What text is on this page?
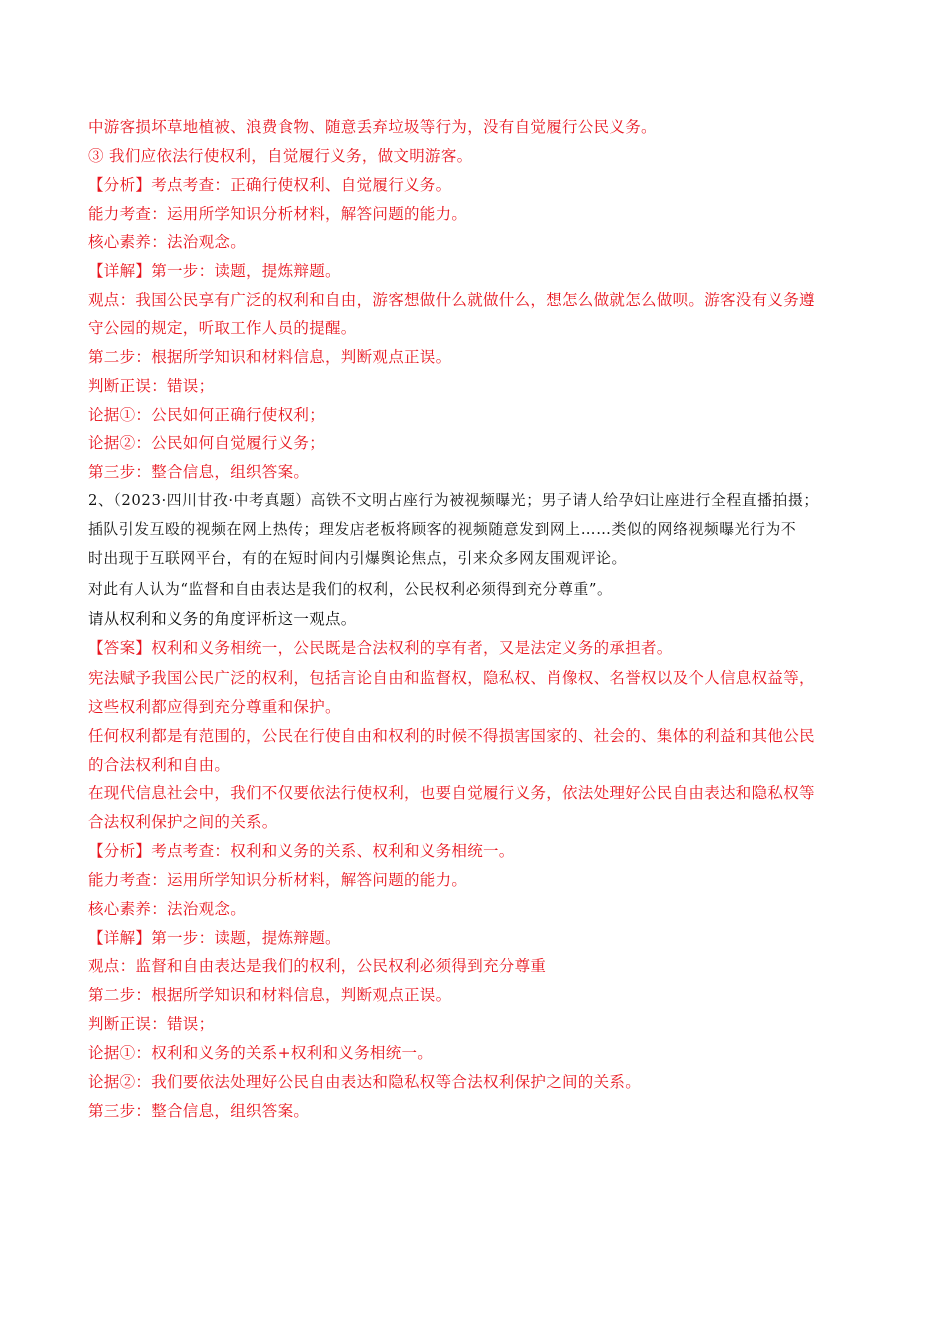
中游客损坏草地植被、浪费食物、随意丢弃垃圾等行为，没有自觉履行公民义务。
③ 我们应依法行使权利，自觉履行义务，做文明游客。
【分析】考点考查：正确行使权利、自觉履行义务。
能力考查：运用所学知识分析材料，解答问题的能力。
核心素养：法治观念。
【详解】第一步：读题，提炼辩题。
观点：我国公民享有广泛的权利和自由，游客想做什么就做什么，想怎么做就怎么做呗。游客没有义务遵
守公园的规定，听取工作人员的提醒。
第二步：根据所学知识和材料信息，判断观点正误。
判断正误：错误；
论据①：公民如何正确行使权利；
论据②：公民如何自觉履行义务；
第三步：整合信息，组织答案。
2、（2023·四川甘孜·中考真题）高铁不文明占座行为被视频曝光；男子请人给孕妇让座进行全程直播拍摄；
插队引发互殴的视频在网上热传；理发店老板将顾客的视频随意发到网上……类似的网络视频曝光行为不
时出现于互联网平台，有的在短时间内引爆舆论焦点，引来众多网友围观评论。
对此有人认为“监督和自由表达是我们的权利，公民权利必须得到充分尊重”。
请从权利和义务的角度评析这一观点。
【答案】权利和义务相统一，公民既是合法权利的享有者，又是法定义务的承担者。
宪法赋予我国公民广泛的权利，包括言论自由和监督权，隐私权、肖像权、名誉权以及个人信息权益等，
这些权利都应得到充分尊重和保护。
任何权利都是有范围的，公民在行使自由和权利的时候不得损害国家的、社会的、集体的利益和其他公民
的合法权利和自由。
在现代信息社会中，我们不仅要依法行使权利，也要自觉履行义务，依法处理好公民自由表达和隐私权等
合法权利保护之间的关系。
【分析】考点考查：权利和义务的关系、权利和义务相统一。
能力考查：运用所学知识分析材料，解答问题的能力。
核心素养：法治观念。
【详解】第一步：读题，提炼辩题。
观点：监督和自由表达是我们的权利，公民权利必须得到充分尊重
第二步：根据所学知识和材料信息，判断观点正误。
判断正误：错误；
论据①：权利和义务的关系+权利和义务相统一。
论据②：我们要依法处理好公民自由表达和隐私权等合法权利保护之间的关系。
第三步：整合信息，组织答案。
